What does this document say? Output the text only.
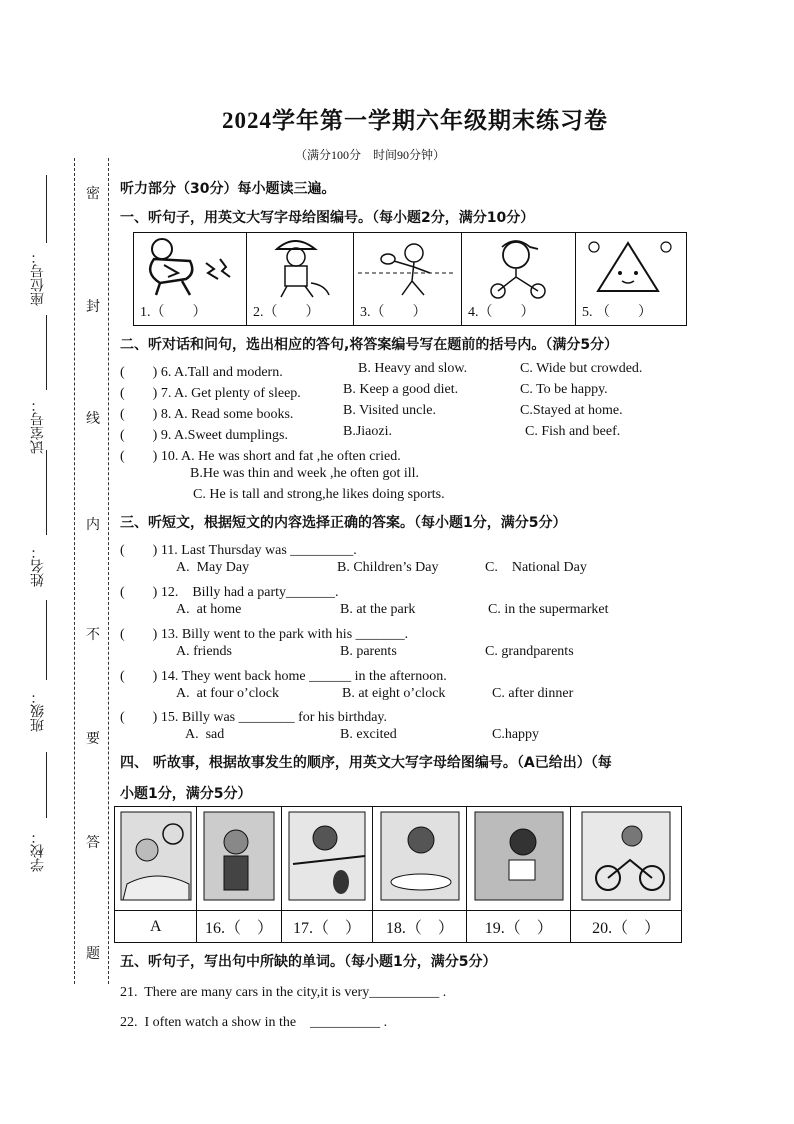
2024学年第一学期六年级期末练习卷
（满分100分　时间90分钟）
学校：
班级：
姓名：
试室号：
座位号：
密
封
线
内
不
要
答
题
听力部分（30分）每小题读三遍。
一、听句子，用英文大写字母给图编号。（每小题2分，满分10分）
1.（　　）	2.（　　）	3.（　　）	4.（　　）	5. （　　）
二、听对话和问句，选出相应的答句,将答案编号写在题前的括号内。（满分5分）
(　　) 6. A.Tall and modern.	B. Heavy and slow.	C. Wide but crowded.
(　　) 7. A. Get plenty of sleep.	B. Keep a good diet.	C. To be happy.
(　　) 8. A. Read some books.	B. Visited uncle.	C.Stayed at home.
(　　) 9. A.Sweet dumplings.	B.Jiaozi.	C. Fish and beef.
(　　) 10. A. He was short and fat ,he often cried.
B.He was thin and week ,he often got ill.
C. He is tall and strong,he likes doing sports.
三、听短文，根据短文的内容选择正确的答案。（每小题1分，满分5分）
(　　) 11. Last Thursday was _________.
A.  May Day	B. Children’s Day	C.    National Day
(　　) 12.    Billy had a party_______.
A.  at home	B. at the park	C. in the supermarket
(　　) 13. Billy went to the park with his _______.
A. friends	B. parents	C. grandparents
(　　) 14. They went back home ______ in the afternoon.
A.  at four o’clock	B. at eight o’clock	C. after dinner
(　　) 15. Billy was ________ for his birthday.
A.  sad	B. excited	C.happy
四、 听故事，根据故事发生的顺序，用英文大写字母给图编号。（A已给出）（每
小题1分，满分5分）

A	16.（　）	17.（　）	18.（　）	19.（　）	20.（　）
五、听句子，写出句中所缺的单词。（每小题1分，满分5分）
21.  There are many cars in the city,it is very__________ .
22.  I often watch a show in the    __________ .
